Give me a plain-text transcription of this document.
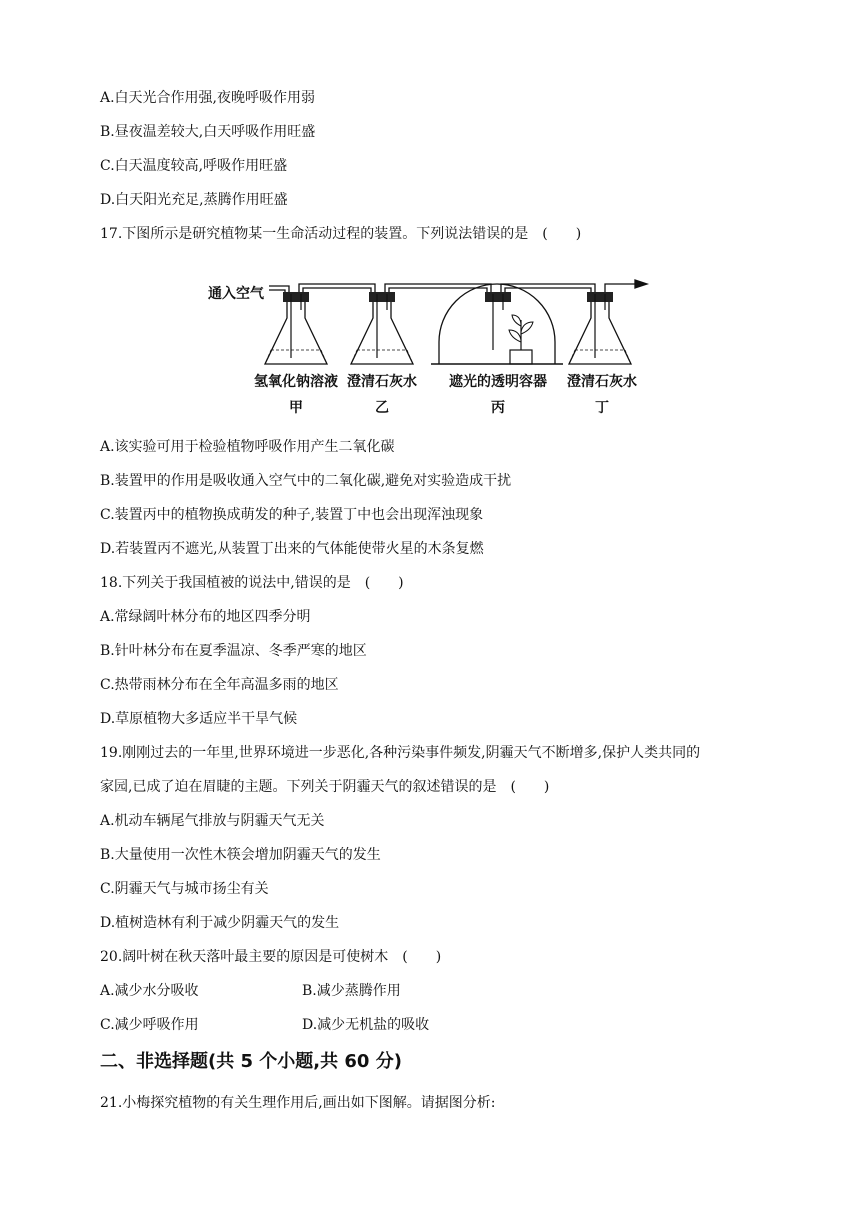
A.白天光合作用强,夜晚呼吸作用弱
B.昼夜温差较大,白天呼吸作用旺盛
C.白天温度较高,呼吸作用旺盛
D.白天阳光充足,蒸腾作用旺盛
17.下图所示是研究植物某一生命活动过程的装置。下列说法错误的是　(　　)
通入空气
氢氧化钠溶液
甲
澄清石灰水
乙
遮光的透明容器
丙
澄清石灰水
丁
A.该实验可用于检验植物呼吸作用产生二氧化碳
B.装置甲的作用是吸收通入空气中的二氧化碳,避免对实验造成干扰
C.装置丙中的植物换成萌发的种子,装置丁中也会出现浑浊现象
D.若装置丙不遮光,从装置丁出来的气体能使带火星的木条复燃
18.下列关于我国植被的说法中,错误的是　(　　)
A.常绿阔叶林分布的地区四季分明
B.针叶林分布在夏季温凉、冬季严寒的地区
C.热带雨林分布在全年高温多雨的地区
D.草原植物大多适应半干旱气候
19.刚刚过去的一年里,世界环境进一步恶化,各种污染事件频发,阴霾天气不断增多,保护人类共同的
家园,已成了迫在眉睫的主题。下列关于阴霾天气的叙述错误的是　(　　)
A.机动车辆尾气排放与阴霾天气无关
B.大量使用一次性木筷会增加阴霾天气的发生
C.阴霾天气与城市扬尘有关
D.植树造林有利于减少阴霾天气的发生
20.阔叶树在秋天落叶最主要的原因是可使树木　(　　)
A.减少水分吸收	B.减少蒸腾作用
C.减少呼吸作用	D.减少无机盐的吸收
二、非选择题(共 5 个小题,共 60 分)
21.小梅探究植物的有关生理作用后,画出如下图解。请据图分析:
